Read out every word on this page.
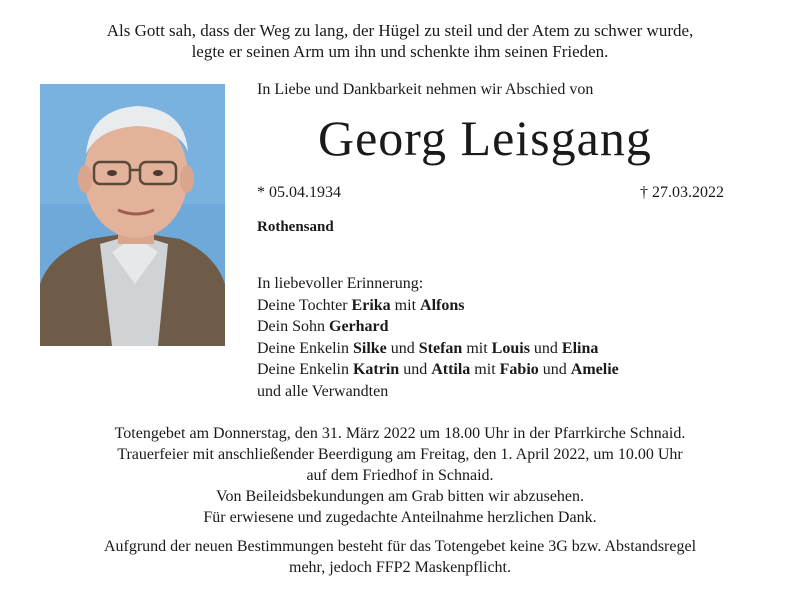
Als Gott sah, dass der Weg zu lang, der Hügel zu steil und der Atem zu schwer wurde,
legte er seinen Arm um ihn und schenkte ihm seinen Frieden.
In Liebe und Dankbarkeit nehmen wir Abschied von
Georg Leisgang
* 05.04.1934	† 27.03.2022
Rothensand
In liebevoller Erinnerung:
Deine Tochter Erika mit Alfons
Dein Sohn Gerhard
Deine Enkelin Silke und Stefan mit Louis und Elina
Deine Enkelin Katrin und Attila mit Fabio und Amelie
und alle Verwandten
Totengebet am Donnerstag, den 31. März 2022 um 18.00 Uhr in der Pfarrkirche Schnaid.
Trauerfeier mit anschließender Beerdigung am Freitag, den 1. April 2022, um 10.00 Uhr
auf dem Friedhof in Schnaid.
Von Beileidsbekundungen am Grab bitten wir abzusehen.
Für erwiesene und zugedachte Anteilnahme herzlichen Dank.
Aufgrund der neuen Bestimmungen besteht für das Totengebet keine 3G bzw. Abstandsregel
mehr, jedoch FFP2 Maskenpflicht.
